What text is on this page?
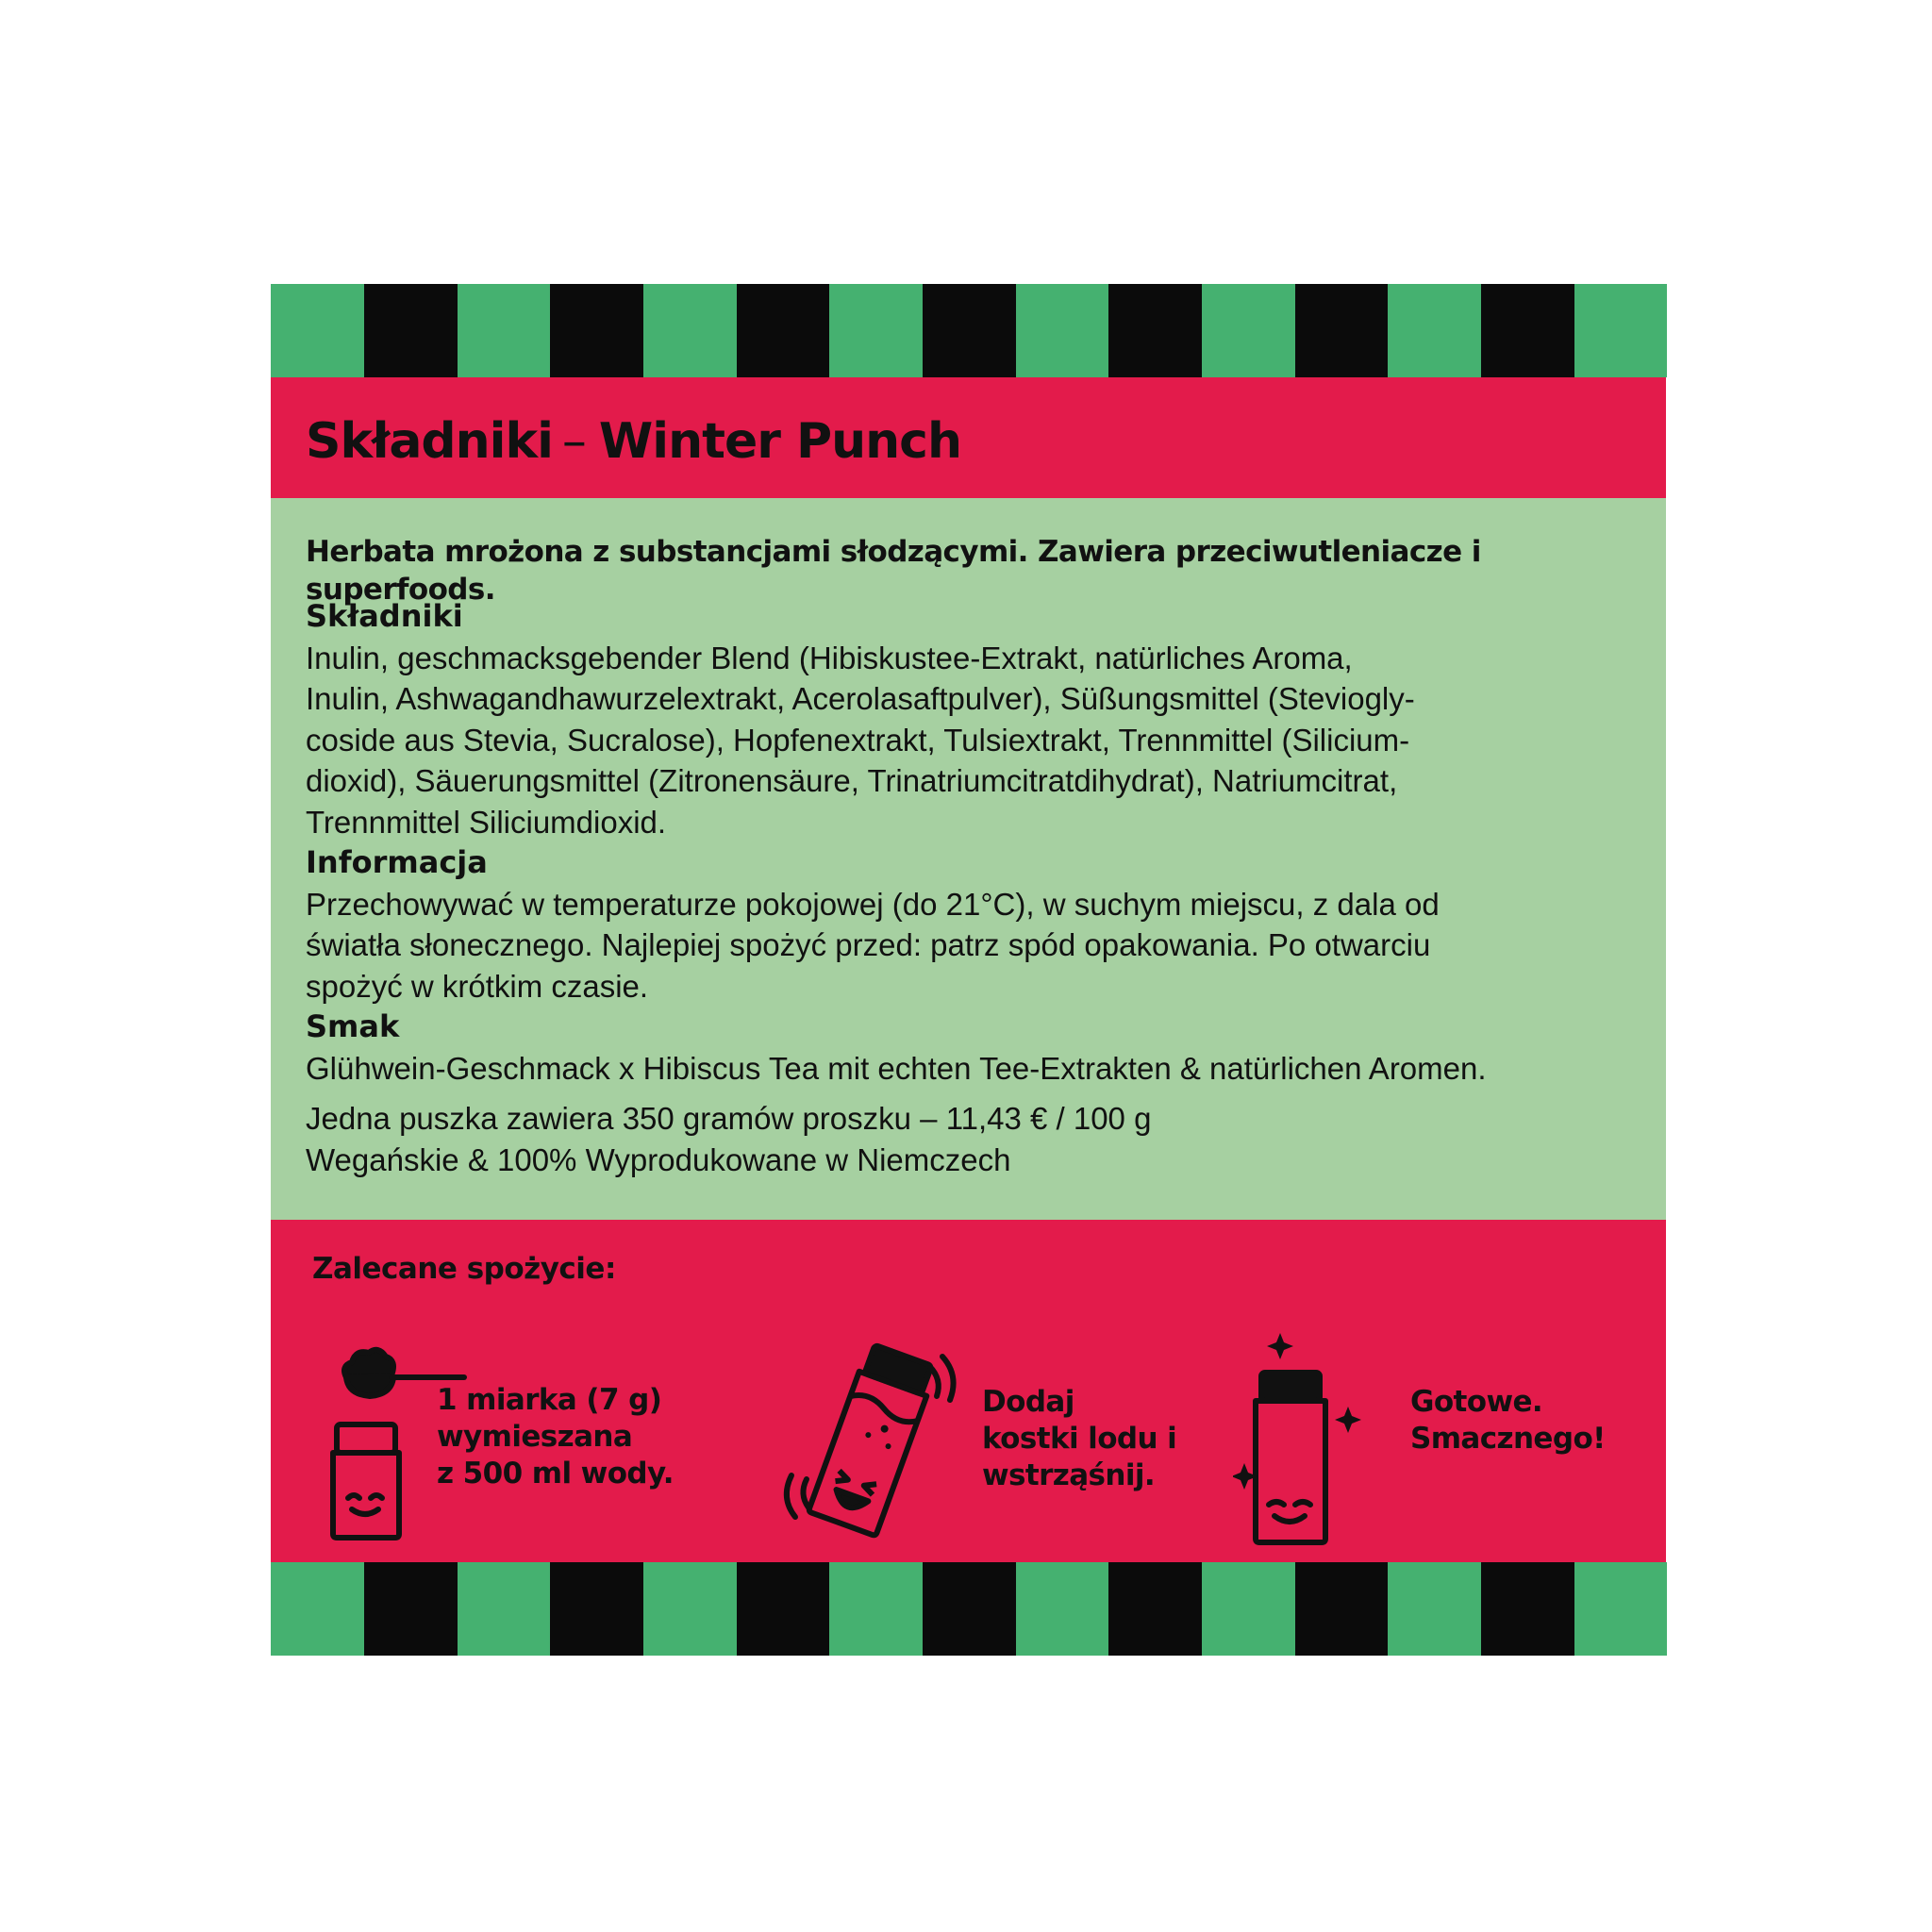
Składniki – Winter Punch
Herbata mrożona z substancjami słodzącymi. Zawiera przeciwutleniacze i superfoods.
Składniki
Inulin, geschmacksgebender Blend (Hibiskustee-Extrakt, natürliches Aroma,
Inulin, Ashwagandhawurzelextrakt, Acerolasaftpulver), Süßungsmittel (Steviogly-
coside aus Stevia, Sucralose), Hopfenextrakt, Tulsiextrakt, Trennmittel (Silicium-
dioxid), Säuerungsmittel (Zitronensäure, Trinatriumcitratdihydrat), Natriumcitrat,
Trennmittel Siliciumdioxid.
Informacja
Przechowywać w temperaturze pokojowej (do 21°C), w suchym miejscu, z dala od
światła słonecznego. Najlepiej spożyć przed: patrz spód opakowania. Po otwarciu
spożyć w krótkim czasie.
Smak
Glühwein-Geschmack x Hibiscus Tea mit echten Tee-Extrakten & natürlichen Aromen.
Jedna puszka zawiera 350 gramów proszku – 11,43 € / 100 g
Wegańskie & 100% Wyprodukowane w Niemczech
Zalecane spożycie:
1 miarka (7 g)
wymieszana
z 500 ml wody.
Dodaj
kostki lodu i
wstrząśnij.
Gotowe.
Smacznego!
